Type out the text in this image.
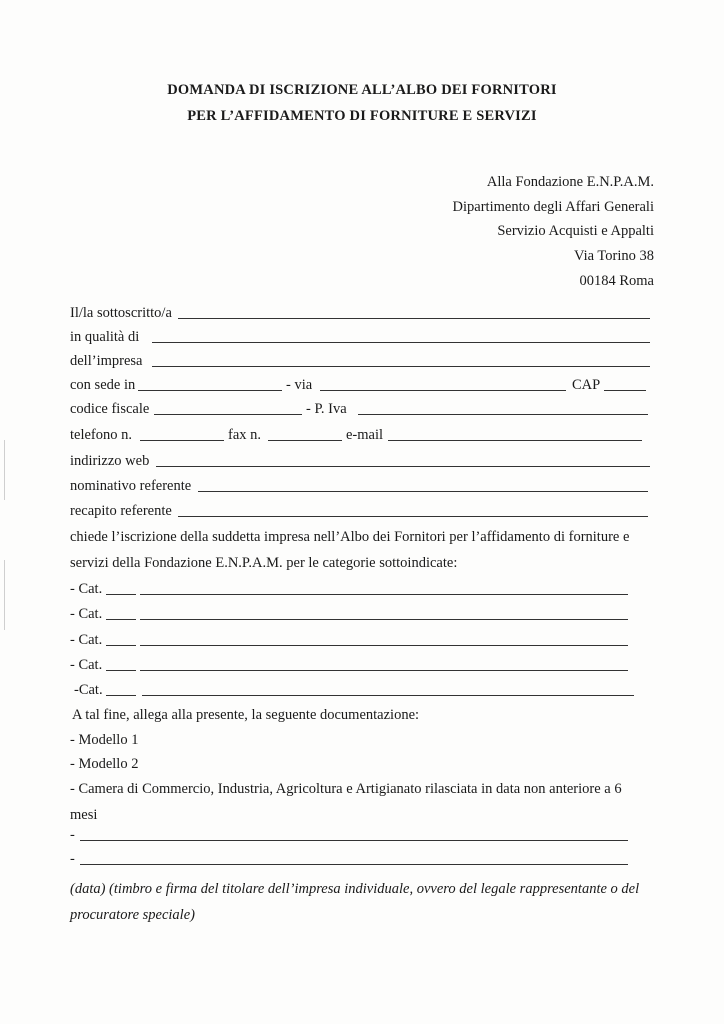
DOMANDA DI ISCRIZIONE ALL’ALBO DEI FORNITORI
PER L’AFFIDAMENTO DI FORNITURE E SERVIZI
Alla Fondazione E.N.P.A.M.
Dipartimento degli Affari Generali
Servizio Acquisti e Appalti
Via Torino 38
00184 Roma
Il/la sottoscritto/a
in qualità di
dell’impresa
con sede in	- via	CAP
codice fiscale	- P. Iva
telefono n.	fax n.	e-mail
indirizzo web
nominativo referente
recapito referente
chiede l’iscrizione della suddetta impresa nell’Albo dei Fornitori per l’affidamento di forniture e
servizi della Fondazione E.N.P.A.M. per le categorie sottoindicate:
- Cat.
- Cat.
- Cat.
- Cat.
-Cat.
A tal fine, allega alla presente, la seguente documentazione:
- Modello 1
- Modello 2
- Camera di Commercio, Industria, Agricoltura e Artigianato rilasciata in data non anteriore a 6
mesi
-
-
(data) (timbro e firma del titolare dell’impresa individuale, ovvero del legale rappresentante o del
procuratore speciale)
